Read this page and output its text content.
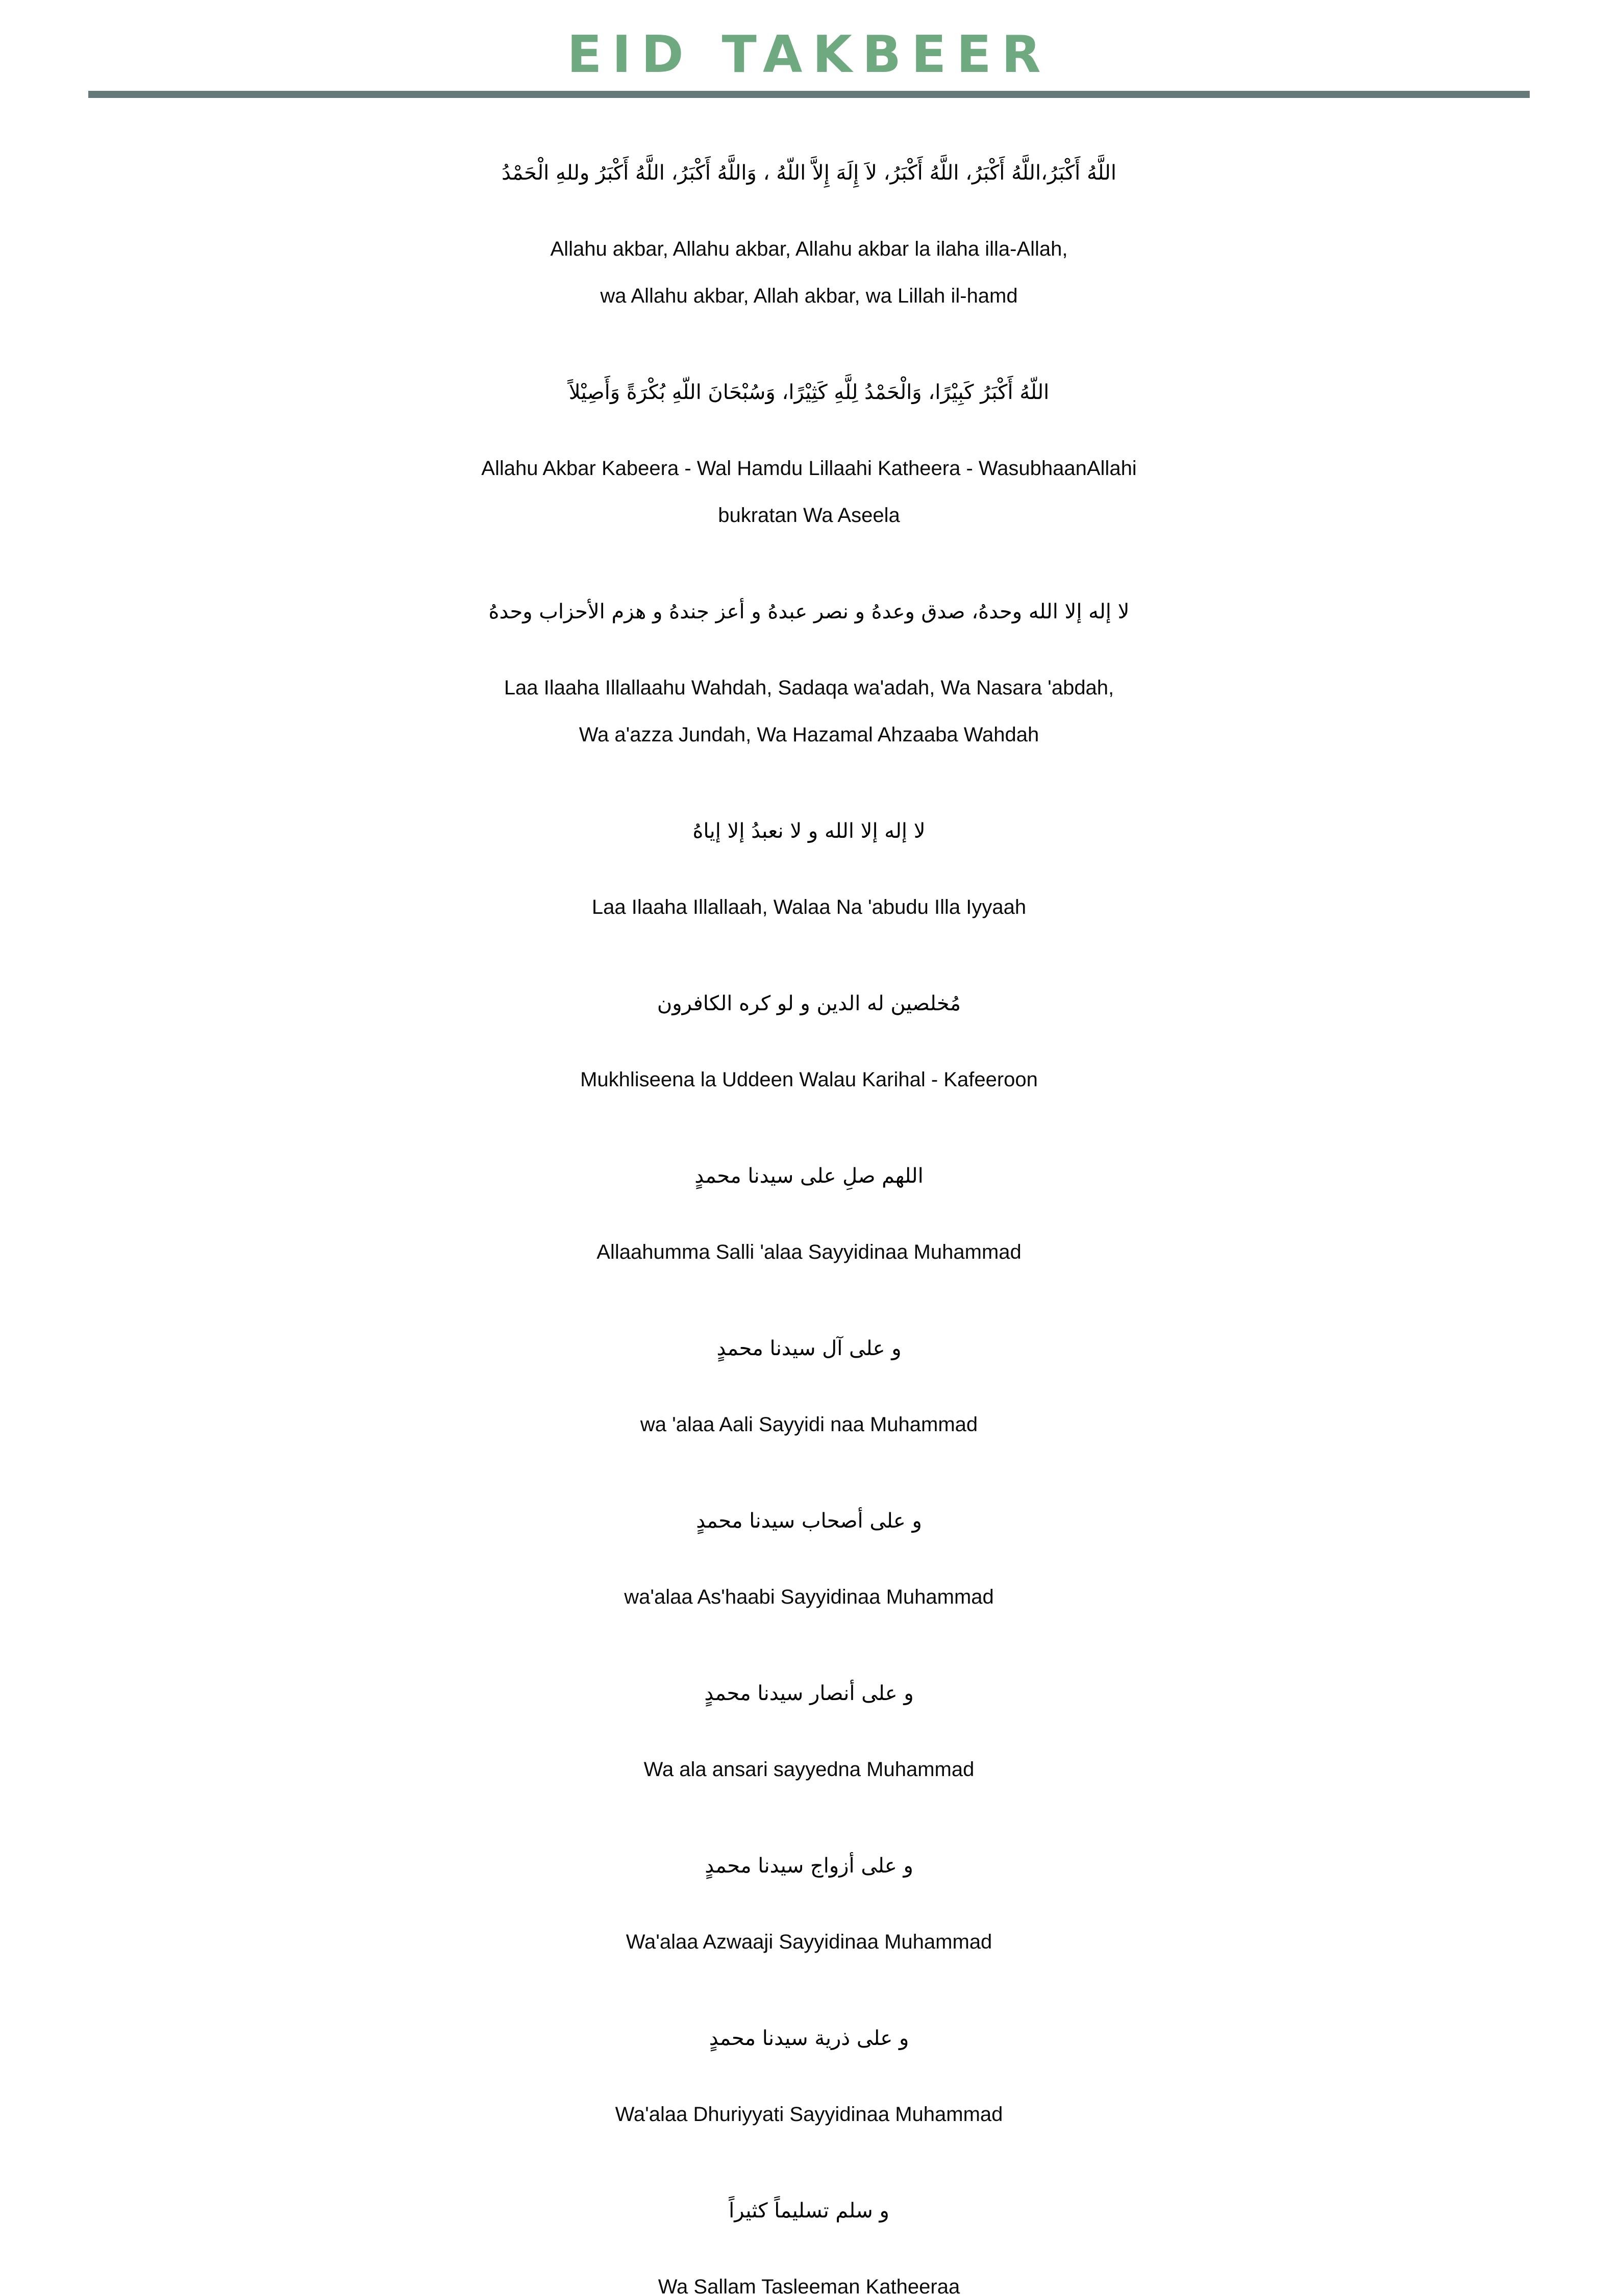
EID TAKBEER
اللَّهُ أَكْبَرُ،اللَّهُ أَكْبَرُ، اللَّهُ أَكْبَرُ، لاَ إِلَهَ إِلاَّ اللّهُ ، وَاللَّهُ أَكْبَرُ، اللَّهُ أَكْبَرُ وللهِ الْحَمْدُ
Allahu akbar, Allahu akbar, Allahu akbar la ilaha illa-Allah,
wa Allahu akbar, Allah akbar, wa Lillah il-hamd
اللّهُ أَكْبَرُ كَبِيْرًا، وَالْحَمْدُ لِلَّهِ كَثِيْرًا، وَسُبْحَانَ اللّهِ بُكْرَةً وَأَصِيْلاً
Allahu Akbar Kabeera - Wal Hamdu Lillaahi Katheera - WasubhaanAllahi
bukratan Wa Aseela
لا إله إلا الله وحدهُ، صدق وعدهُ و نصر عبدهُ و أعز جندهُ و هزم الأحزاب وحدهُ
Laa Ilaaha Illallaahu Wahdah, Sadaqa wa'adah, Wa Nasara 'abdah,
Wa a'azza Jundah, Wa Hazamal Ahzaaba Wahdah
لا إله إلا الله و لا نعبدُ إلا إياهُ
Laa Ilaaha Illallaah, Walaa Na 'abudu Illa Iyyaah
مُخلصين له الدين و لو كره الكافرون
Mukhliseena la Uddeen Walau Karihal - Kafeeroon
اللهم صلِ على سيدنا محمدٍ
Allaahumma Salli 'alaa Sayyidinaa Muhammad
و على آل سيدنا محمدٍ
wa 'alaa Aali Sayyidi naa Muhammad
و على أصحاب سيدنا محمدٍ
wa'alaa As'haabi Sayyidinaa Muhammad
و على أنصار سيدنا محمدٍ
Wa ala ansari sayyedna Muhammad
و على أزواج سيدنا محمدٍ
Wa'alaa Azwaaji Sayyidinaa Muhammad
و على ذرية سيدنا محمدٍ
Wa'alaa Dhuriyyati Sayyidinaa Muhammad
و سلم تسليماً كثيراً
Wa Sallam Tasleeman Katheeraa
